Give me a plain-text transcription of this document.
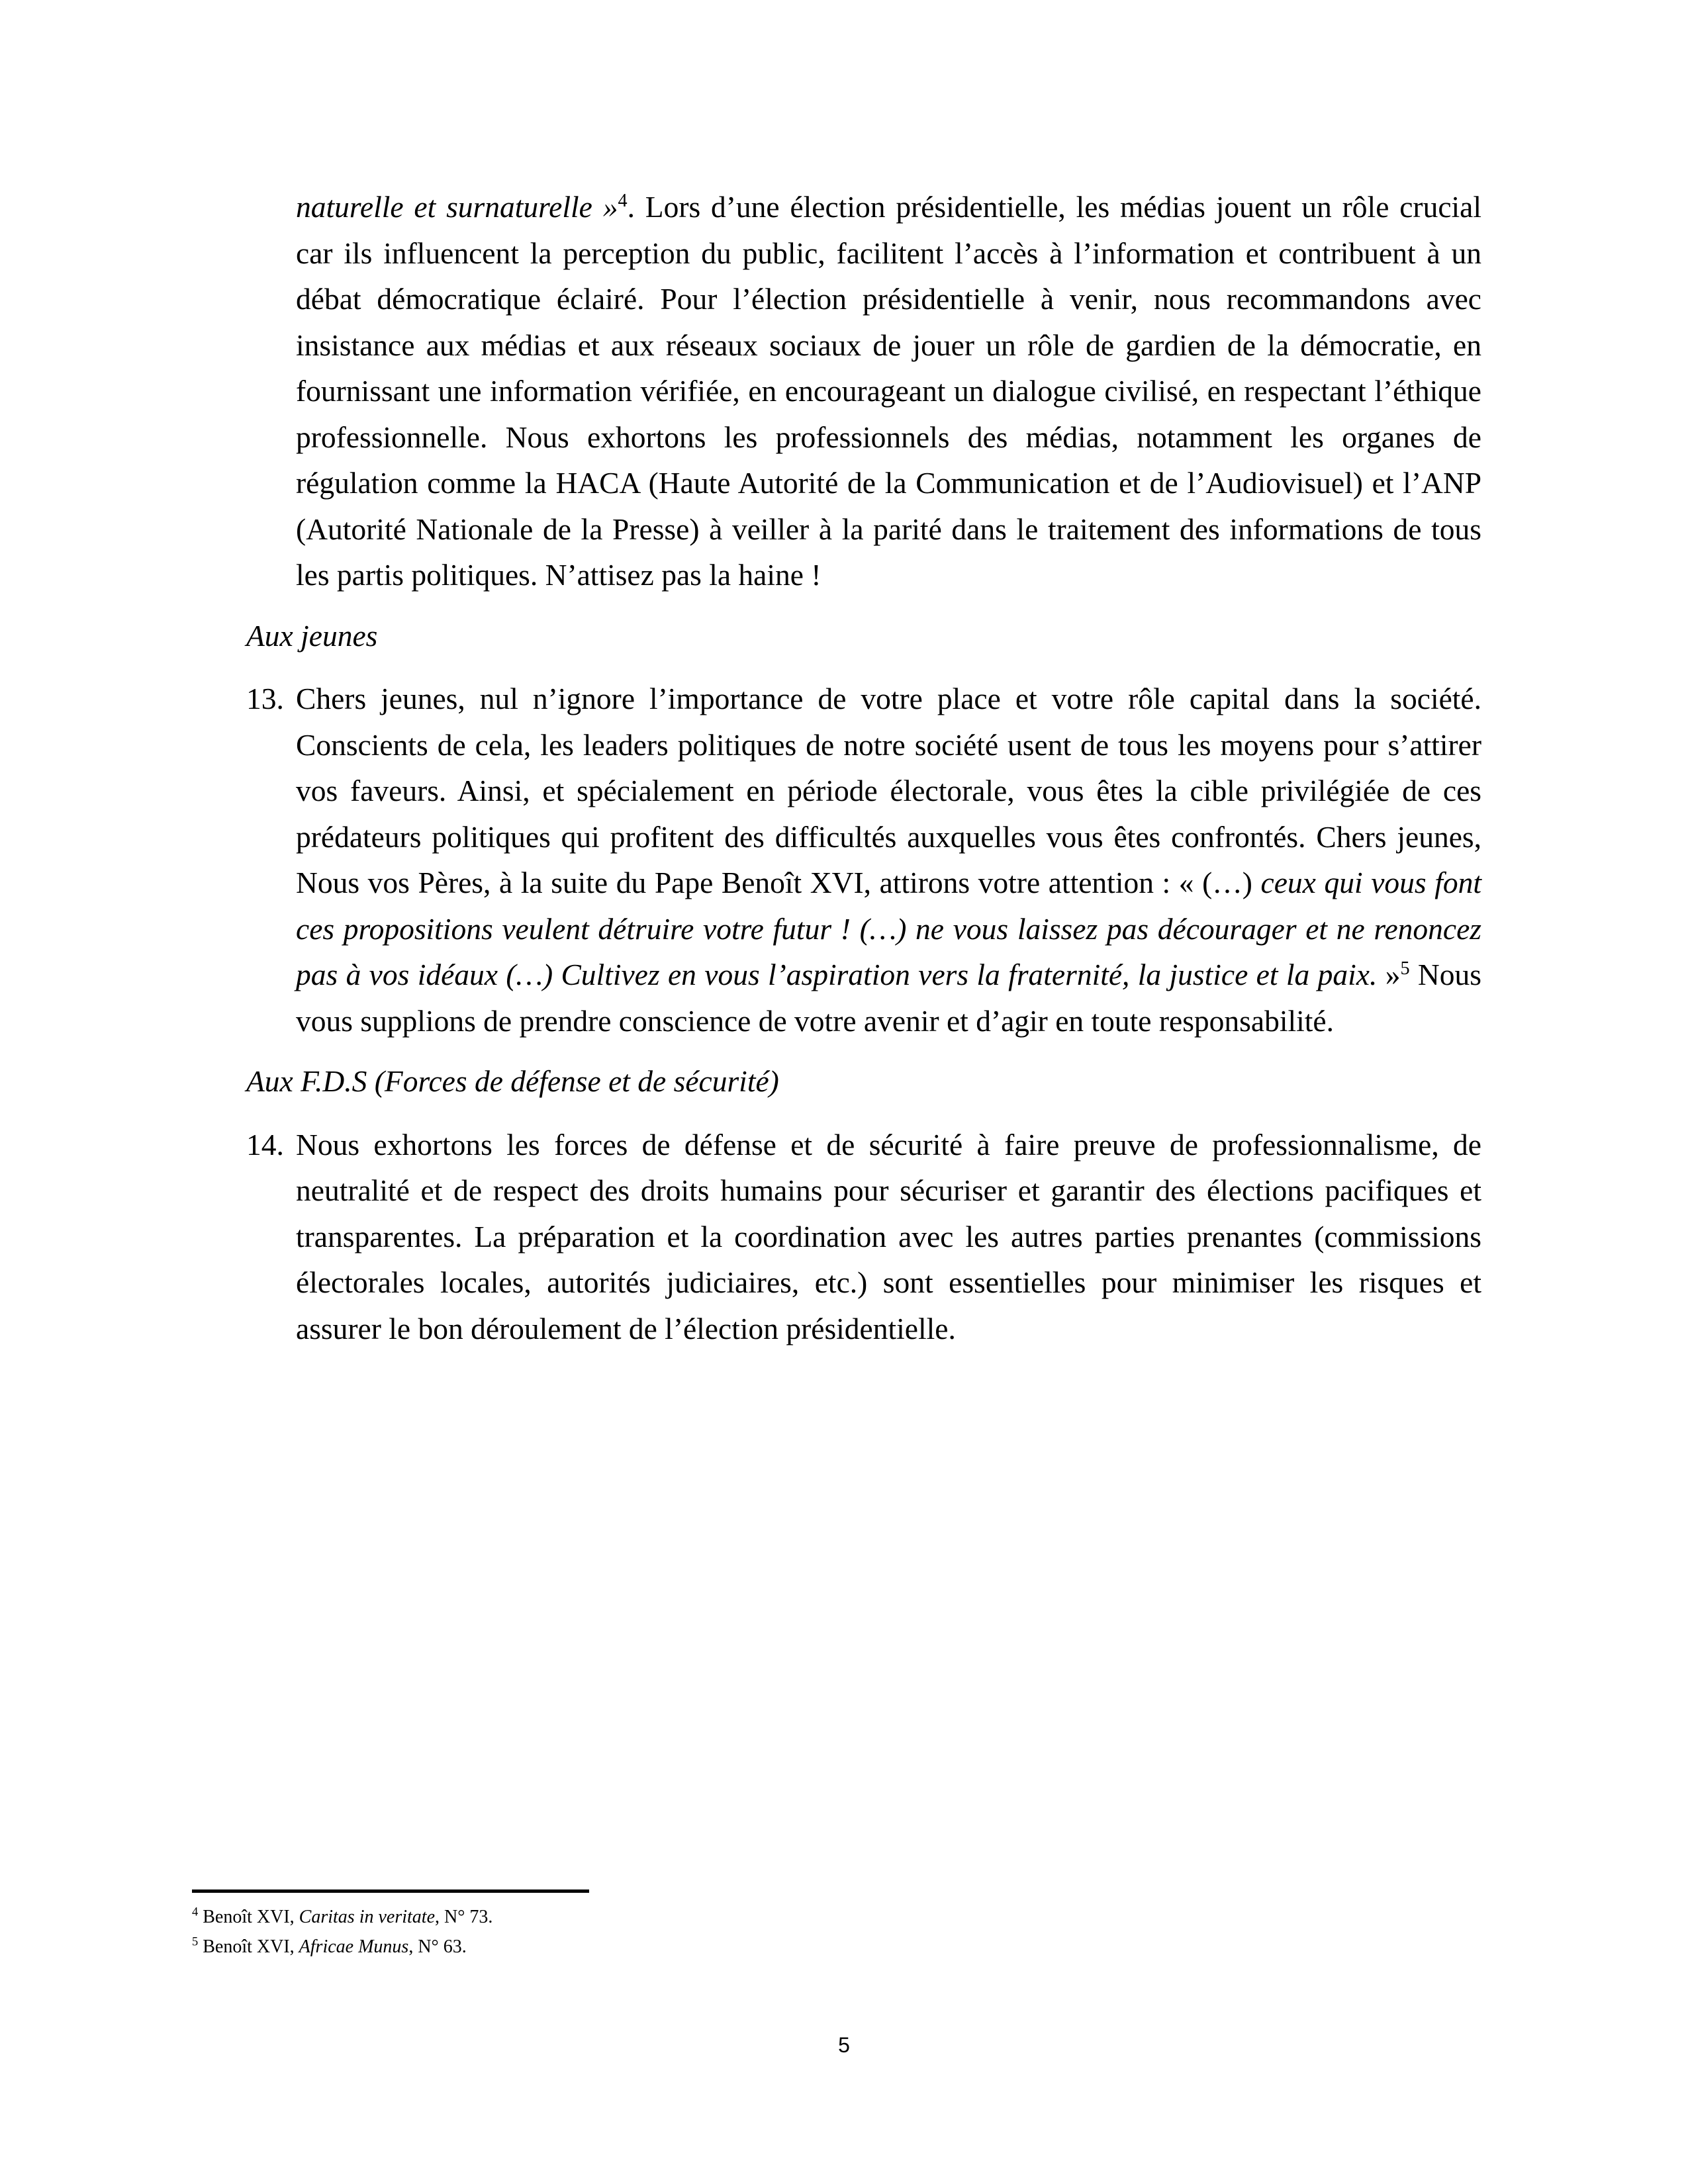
naturelle et surnaturelle »$^4$. Lors d’une élection présidentielle, les médias jouent un rôle crucial car ils influencent la perception du public, facilitent l’accès à l’information et contribuent à un débat démocratique éclairé. Pour l’élection présidentielle à venir, nous recommandons avec insistance aux médias et aux réseaux sociaux de jouer un rôle de gardien de la démocratie, en fournissant une information vérifiée, en encourageant un dialogue civilisé, en respectant l’éthique professionnelle. Nous exhortons les professionnels des médias, notamment les organes de régulation comme la HACA (Haute Autorité de la Communication et de l’Audiovisuel) et l’ANP (Autorité Nationale de la Presse) à veiller à la parité dans le traitement des informations de tous les partis politiques. N’attisez pas la haine !

Aux jeunes

13. Chers jeunes, nul n’ignore l’importance de votre place et votre rôle capital dans la société. Conscients de cela, les leaders politiques de notre société usent de tous les moyens pour s’attirer vos faveurs. Ainsi, et spécialement en période électorale, vous êtes la cible privilégiée de ces prédateurs politiques qui profitent des difficultés auxquelles vous êtes confrontés. Chers jeunes, Nous vos Pères, à la suite du Pape Benoît XVI, attirons votre attention : « (…) ceux qui vous font ces propositions veulent détruire votre futur ! (…) ne vous laissez pas décourager et ne renoncez pas à vos idéaux (…) Cultivez en vous l’aspiration vers la fraternité, la justice et la paix. »$^5$ Nous vous supplions de prendre conscience de votre avenir et d’agir en toute responsabilité.

Aux F.D.S (Forces de défense et de sécurité)

14. Nous exhortons les forces de défense et de sécurité à faire preuve de professionnalisme, de neutralité et de respect des droits humains pour sécuriser et garantir des élections pacifiques et transparentes. La préparation et la coordination avec les autres parties prenantes (commissions électorales locales, autorités judiciaires, etc.) sont essentielles pour minimiser les risques et assurer le bon déroulement de l’élection présidentielle.

$^4$ Benoît XVI, Caritas in veritate, N° 73.

$^5$ Benoît XVI, Africae Munus, N° 63.

5
